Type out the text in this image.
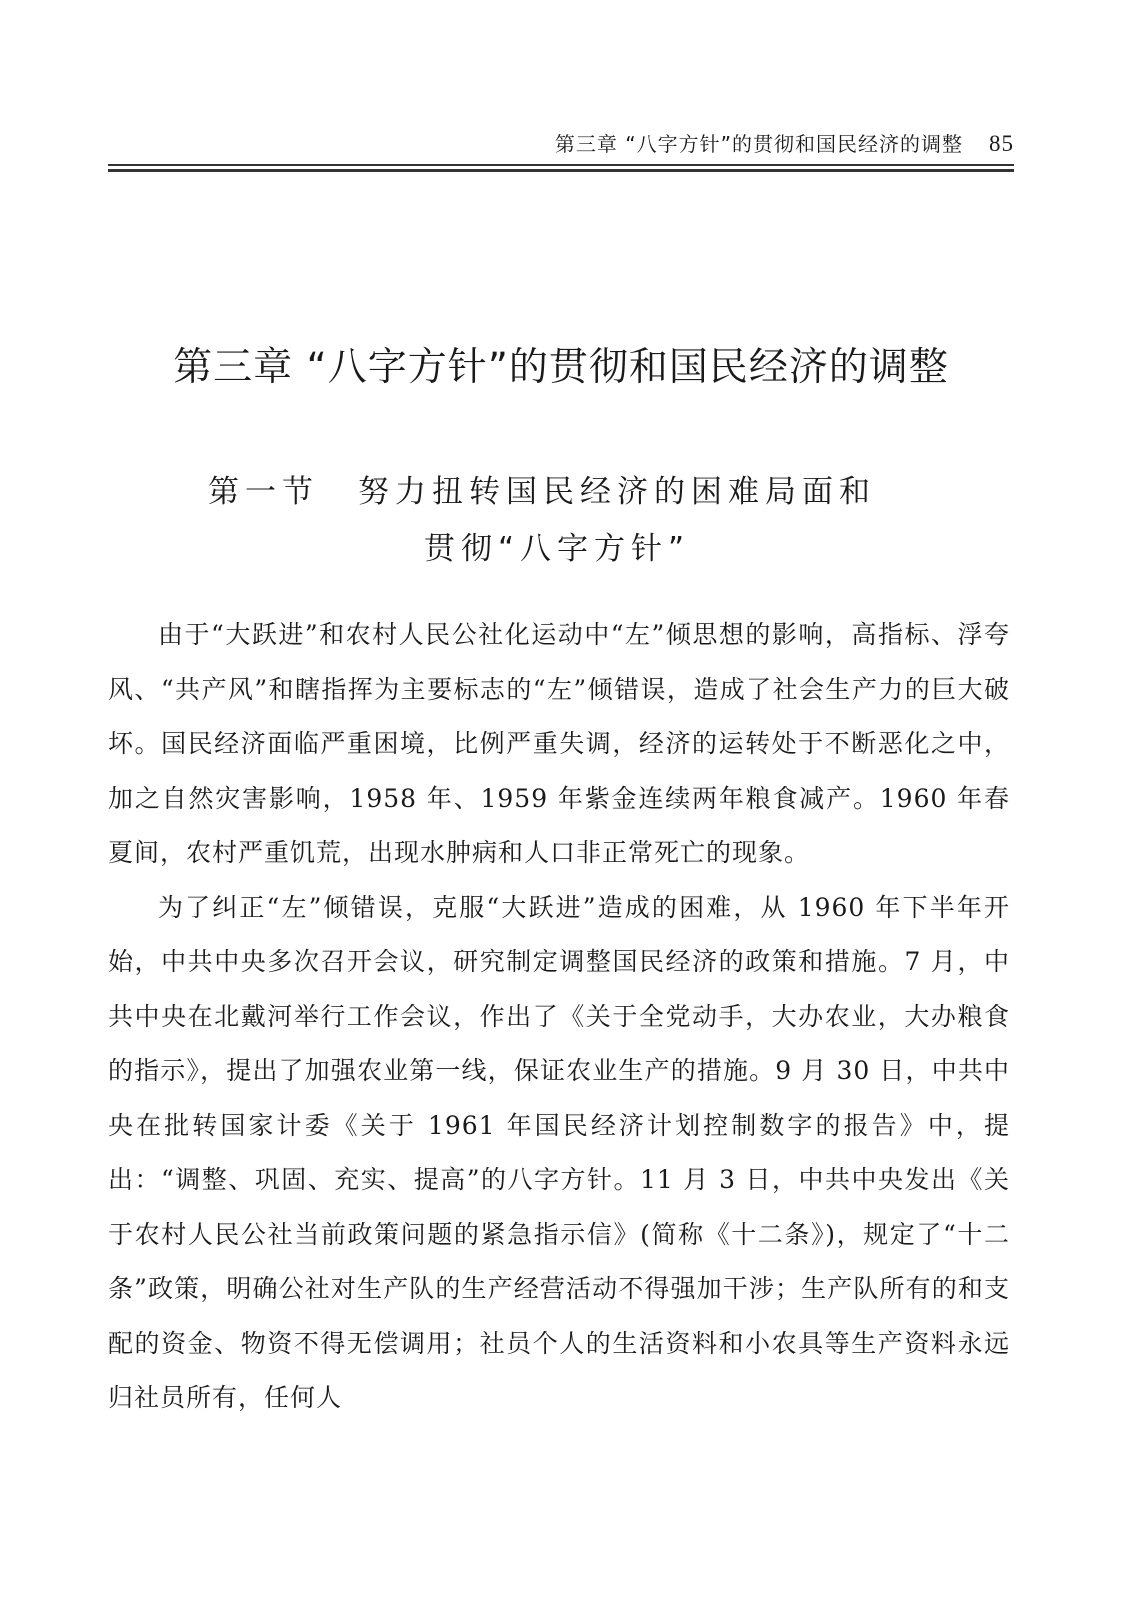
第三章 “八字方针”的贯彻和国民经济的调整 85
第三章 “八字方针”的贯彻和国民经济的调整
第一节 努力扭转国民经济的困难局面和
贯彻“八字方针”

由于“大跃进”和农村人民公社化运动中“左”倾思想的影响，高指标、浮夸风、“共产风”和瞎指挥为主要标志的“左”倾错误，造成了社会生产力的巨大破坏。国民经济面临严重困境，比例严重失调，经济的运转处于不断恶化之中，加之自然灾害影响，1958 年、1959 年紫金连续两年粮食减产。1960 年春夏间，农村严重饥荒，出现水肿病和人口非正常死亡的现象。

为了纠正“左”倾错误，克服“大跃进”造成的困难，从 1960 年下半年开始，中共中央多次召开会议，研究制定调整国民经济的政策和措施。7 月，中共中央在北戴河举行工作会议，作出了《关于全党动手，大办农业，大办粮食的指示》，提出了加强农业第一线，保证农业生产的措施。9 月 30 日，中共中央在批转国家计委《关于 1961 年国民经济计划控制数字的报告》中，提出：“调整、巩固、充实、提高”的八字方针。11 月 3 日，中共中央发出《关于农村人民公社当前政策问题的紧急指示信》(简称《十二条》)，规定了“十二条”政策，明确公社对生产队的生产经营活动不得强加干涉；生产队所有的和支配的资金、物资不得无偿调用；社员个人的生活资料和小农具等生产资料永远归社员所有，任何人
